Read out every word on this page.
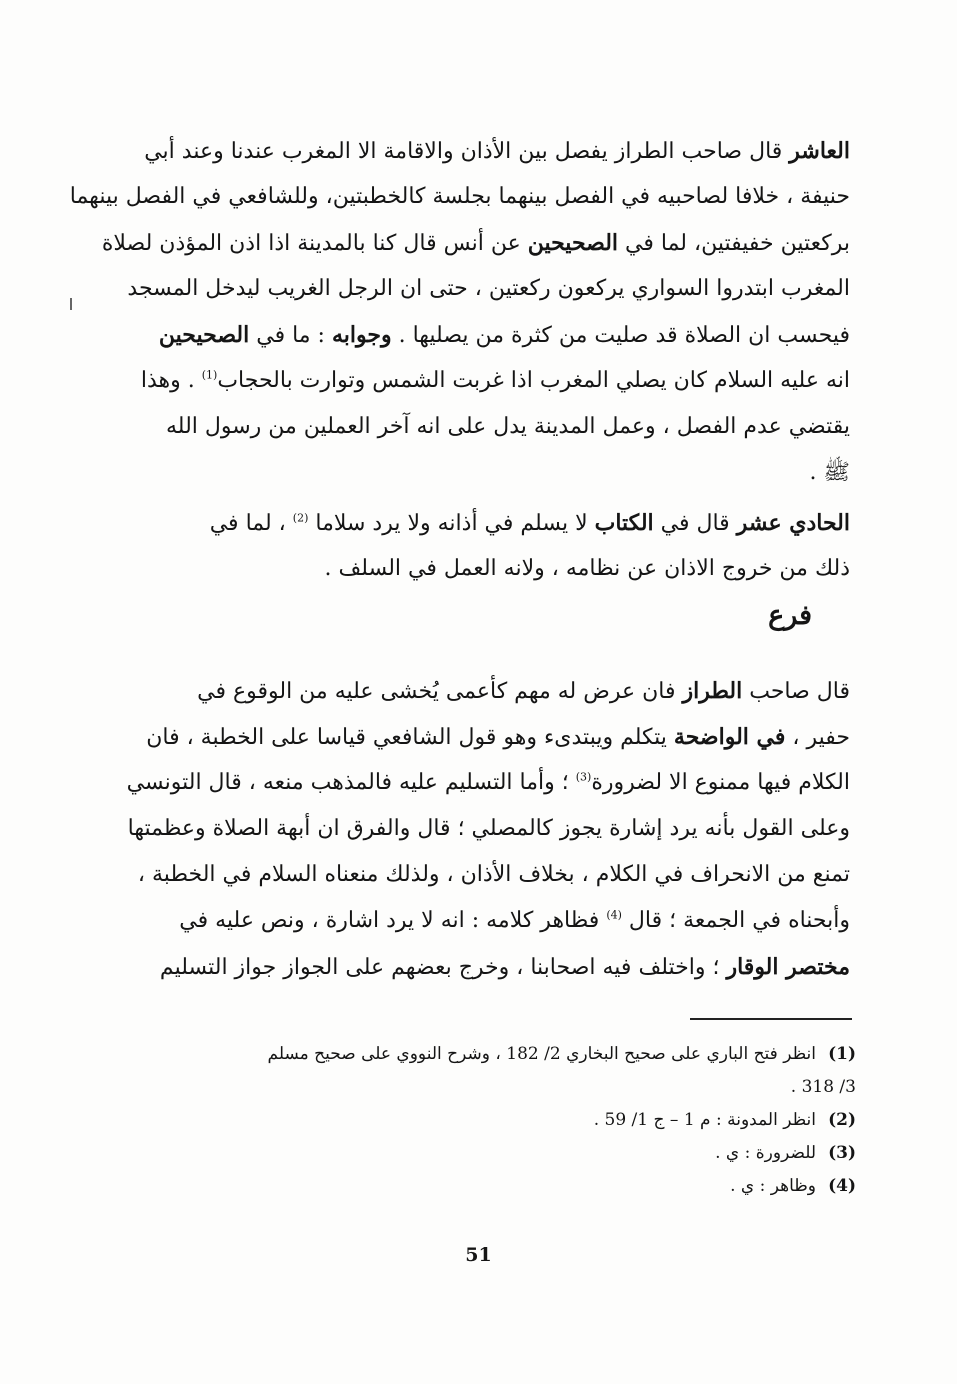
العاشر قال صاحب الطراز يفصل بين الأذان والاقامة الا المغرب عندنا وعند أبي
حنيفة ، خلافا لصاحبيه في الفصل بينهما بجلسة كالخطبتين، وللشافعي في الفصل بينهما
بركعتين خفيفتين، لما في الصحيحين عن أنس قال كنا بالمدينة اذا اذن المؤذن لصلاة
المغرب ابتدروا السواري يركعون ركعتين ، حتى ان الرجل الغريب ليدخل المسجد
فيحسب ان الصلاة قد صليت من كثرة من يصليها . وجوابه : ما في الصحيحين
انه عليه السلام كان يصلي المغرب اذا غربت الشمس وتوارت بالحجاب$^{(1)}$ . وهذا
يقتضي عدم الفصل ، وعمل المدينة يدل على انه آخر العملين من رسول الله
ﷺ .
الحادي عشر قال في الكتاب لا يسلم في أذانه ولا يرد سلاما $^{(2)}$ ، لما في
ذلك من خروج الاذان عن نظامه ، ولانه العمل في السلف .
فرع
قال صاحب الطراز فان عرض له مهم كأعمى يُخشى عليه من الوقوع في
حفير ، في الواضحة يتكلم ويبتدىء وهو قول الشافعي قياسا على الخطبة ، فان
الكلام فيها ممنوع الا لضرورة$^{(3)}$ ؛ وأما التسليم عليه فالمذهب منعه ، قال التونسي
وعلى القول بأنه يرد إشارة يجوز كالمصلي ؛ قال والفرق ان أبهة الصلاة وعظمتها
تمنع من الانحراف في الكلام ، بخلاف الأذان ، ولذلك منعناه السلام في الخطبة ،
وأبحناه في الجمعة ؛ قال $^{(4)}$ فظاهر كلامه : انه لا يرد اشارة ، ونص عليه في
مختصر الوقار ؛ واختلف فيه اصحابنا ، وخرج بعضهم على الجواز جواز التسليم
(1)انظر فتح الباري على صحيح البخاري 2/ 182 ، وشرح النووي على صحيح مسلم
3/ 318 .
(2)انظر المدونة : م 1 – ج 1/ 59 .
(3)للضرورة : ي .
(4)وظاهر : ي .
51
